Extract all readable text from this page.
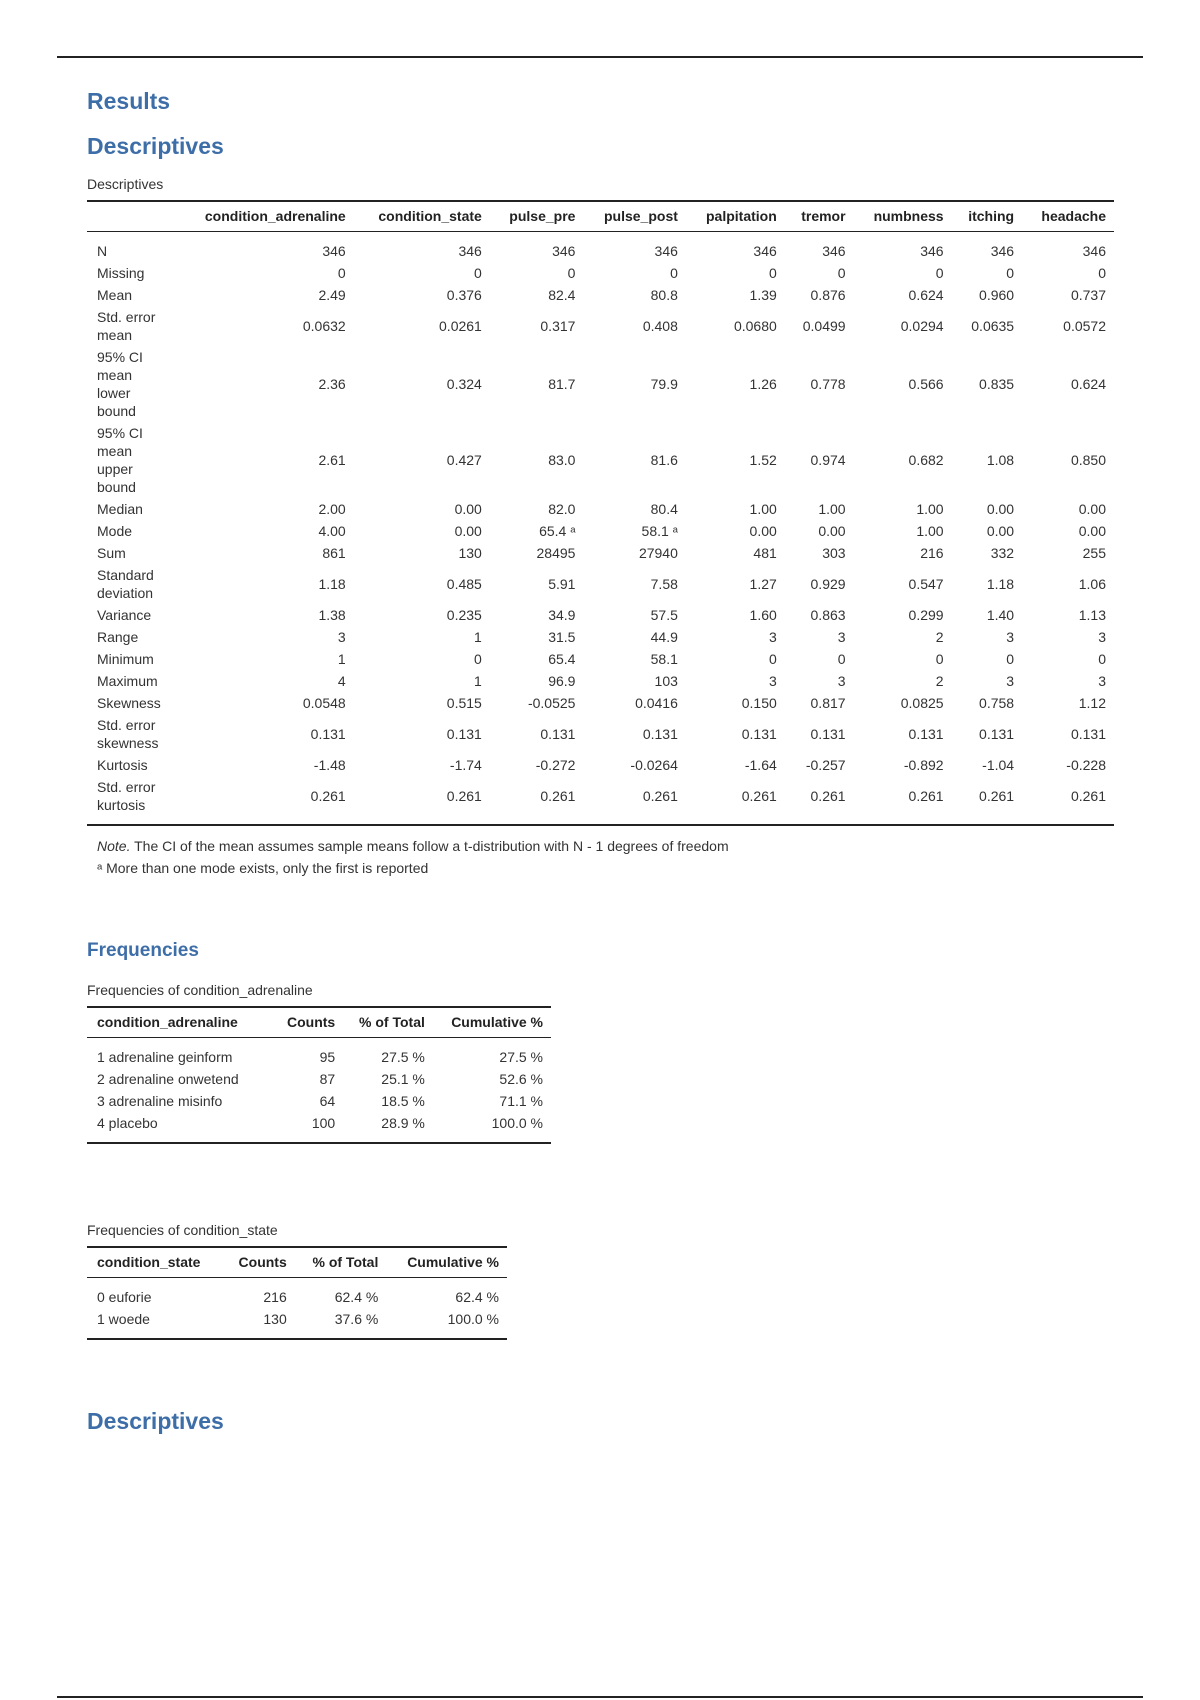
Results
Descriptives

Descriptives

	condition_adrenaline	condition_state	pulse_pre	pulse_post	palpitation	tremor	numbness	itching	headache
N	346	346	346	346	346	346	346	346	346
Missing	0	0	0	0	0	0	0	0	0
Mean	2.49	0.376	82.4	80.8	1.39	0.876	0.624	0.960	0.737
Std. error mean	0.0632	0.0261	0.317	0.408	0.0680	0.0499	0.0294	0.0635	0.0572
95% CI mean lower bound	2.36	0.324	81.7	79.9	1.26	0.778	0.566	0.835	0.624
95% CI mean upper bound	2.61	0.427	83.0	81.6	1.52	0.974	0.682	1.08	0.850
Median	2.00	0.00	82.0	80.4	1.00	1.00	1.00	0.00	0.00
Mode	4.00	0.00	65.4 ᵃ	58.1 ᵃ	0.00	0.00	1.00	0.00	0.00
Sum	861	130	28495	27940	481	303	216	332	255
Standard deviation	1.18	0.485	5.91	7.58	1.27	0.929	0.547	1.18	1.06
Variance	1.38	0.235	34.9	57.5	1.60	0.863	0.299	1.40	1.13
Range	3	1	31.5	44.9	3	3	2	3	3
Minimum	1	0	65.4	58.1	0	0	0	0	0
Maximum	4	1	96.9	103	3	3	2	3	3
Skewness	0.0548	0.515	-0.0525	0.0416	0.150	0.817	0.0825	0.758	1.12
Std. error skewness	0.131	0.131	0.131	0.131	0.131	0.131	0.131	0.131	0.131
Kurtosis	-1.48	-1.74	-0.272	-0.0264	-1.64	-0.257	-0.892	-1.04	-0.228
Std. error kurtosis	0.261	0.261	0.261	0.261	0.261	0.261	0.261	0.261	0.261

Note. The CI of the mean assumes sample means follow a t-distribution with N - 1 degrees of freedom

ᵃ More than one mode exists, only the first is reported									

Frequencies

Frequencies of condition_adrenaline

condition_adrenaline	Counts	% of Total	Cumulative %
1 adrenaline geinform	95	27.5 %	27.5 %
2 adrenaline onwetend	87	25.1 %	52.6 %
3 adrenaline misinfo	64	18.5 %	71.1 %
4 placebo	100	28.9 %	100.0 %

Frequencies of condition_state

condition_state	Counts	% of Total	Cumulative %
0 euforie	216	62.4 %	62.4 %
1 woede	130	37.6 %	100.0 %

Descriptives
